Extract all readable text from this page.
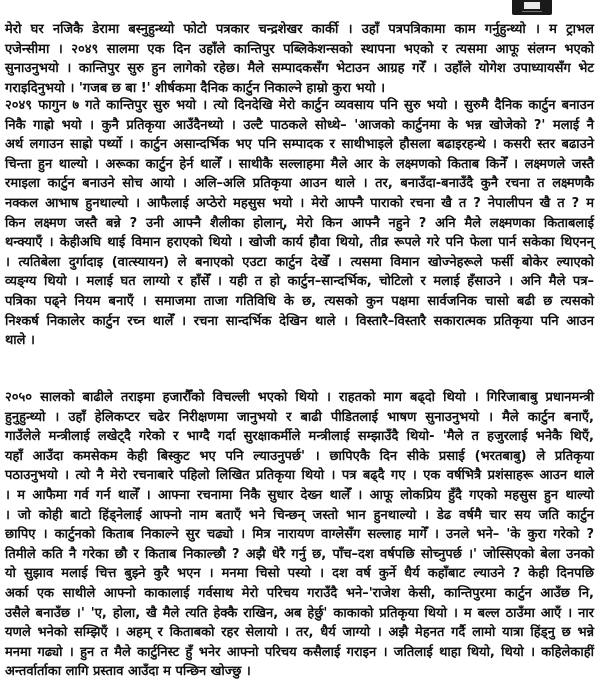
मेरो घर नजिकै डेरामा बस्नुहुन्थ्यो फोटो पत्रकार चन्द्रशेखर कार्की । उहाँ पत्रपत्रिकामा काम गर्नुहुन्थ्यो । म ट्राभल
एजेन्सीमा । २०४९ सालमा एक दिन उहाँले कान्तिपुर पब्लिकेशन्सको स्थापना भएको र त्यसमा आफू संलग्न भएको
सुनाउनुभयो । कान्तिपुर सुरु हुन लागेको रहेछ। मैले सम्पादकसँग भेटाउन आग्रह गरेँ । उहाँले योगेश उपाध्यायसँग भेट
गराइदिनुभयो । 'गजब छ बा !' शीर्षकमा दैनिक कार्टुन निकाल्ने हाम्रो कुरा भयो ।
२०४९ फागुन ७ गते कान्तिपुर सुरु भयो । त्यो दिनदेखि मेरो कार्टुन व्यवसाय पनि सुरु भयो । सुरुमै दैनिक कार्टुन बनाउन
निकै गाह्रो भयो । कुनै प्रतिकृया आउँदैनथ्यो । उल्टै पाठकले सोध्थे– 'आजको कार्टुनमा के भन्न खोजेको ?' मलाई नै
अर्थ लगाउन साह्रो पर्थ्यो । कार्टुन असान्दर्भिक भए पनि सम्पादक र साथीभाइले हौसला बढाइरहन्थे । कसरी स्तर बढाउने
चिन्ता हुन थाल्यो । अरूका कार्टुन हेर्न थालेँ । साथीकै सल्लाहमा मैले आर के लक्ष्मणको किताब किनेँ । लक्ष्मणले जस्तै
रमाइला कार्टुन बनाउने सोच आयो । अलि–अलि प्रतिकृया आउन थाले । तर, बनाउँदा-बनाउँदै कुनै रचना त लक्ष्मणकै
नक्कल आभाष हुनथाल्यो । आफैलाई अप्ठेरो महसुस भयो । मेरो आफ्नै पाराको रचना खै त ? नेपालीपन खै त ? म
किन लक्ष्मण जस्तै बन्ने ? उनी आफ्नै शैलीका होलान्, मेरो किन आफ्नै नहुने ? अनि मैले लक्ष्मणका किताबलाई
थन्क्याएँ । केहीअघि थाई विमान हराएको थियो । खोजी कार्य हौवा थियो, तीव्र रूपले गरे पनि फेला पार्न सकेका थिएनन्
। त्यतिबेला दुर्गादाइ (वात्स्यायन) ले बनाएको एउटा कार्टुन देखेँ । त्यसमा विमान खोज्नेहरूले फर्सी बोकेर ल्याएको
व्यङ्ग्य थियो । मलाई घत लाग्यो र हाँसेँ । यही त हो कार्टुन–सान्दर्भिक, चोटिलो र मलाई हँसाउने । अनि मैले पत्र–
पत्रिका पढ्ने नियम बनाएँ । समाजमा ताजा गतिविधि के छ, त्यसको कुन पक्षमा सार्वजनिक चासो बढी छ त्यसको
निश्कर्ष निकालेर कार्टुन रच्न थालेँ । रचना सान्दर्भिक देखिन थाले । विस्तारै–विस्तारै सकारात्मक प्रतिकृया पनि आउन
थाले ।
२०५० सालको बाढीले तराइमा हजारौँको विचल्ली भएको थियो । राहतको माग बढ्दो थियो । गिरिजाबाबु प्रधानमन्त्री
हुनुहुन्थ्यो । उहाँ हेलिकप्टर चढेर निरीक्षणमा जानुभयो र बाढी पीडितलाई भाषण सुनाउनुभयो । मैले कार्टुन बनाएँ,
गाउँलेले मन्त्रीलाई लखेट्दै गरेको र भाग्दै गर्दा सुरक्षाकर्मीले मन्त्रीलाई सम्झाउँदै थियो- 'मैले त हजुरलाई भनेकै थिएँ,
यहाँ आउँदा कमसेकम केही बिस्कुट भए पनि ल्याउनुपर्छ' । छापिएकै दिन सीके प्रसाई (भरतबाबु) ले प्रतिकृया
पठाउनुभयो । त्यो नै मेरो रचनाबारे पहिलो लिखित प्रतिकृया थियो । पत्र बढ्दै गए । एक वर्षभित्रै प्रशंसाहरू आउन थाले
। म आफैमा गर्व गर्न थालेँ । आफ्ना रचनामा निकै सुधार देख्न थालेँ । आफू लोकप्रिय हुँदै गएको महसुस हुन थाल्यो
। जो कोही बाटो हिंड्नेलाई आफ्नो नाम बताएँ भने चिन्छन् जस्तो भान हुनथाल्यो । डेढ वर्षमै चार सय जति कार्टुन
छापिए । कार्टुनको किताब निकाल्ने सुर चढ्यो । मित्र नारायण वाग्लेसँग सल्लाह मागेँ । उनले भने– 'के कुरा गरेको ?
तिमीले कति नै गरेका छौ र किताब निकाल्छौ ? अझै धेरै गर्नु छ, पाँच–दश वर्षपछि सोच्नुपर्छ ।' जोस्सिएको बेला उनको
यो सुझाव मलाई चित्त बुझ्ने कुरै भएन । मनमा चिसो पस्यो । दश वर्ष कुर्ने धैर्य कहाँबाट ल्याउने ? केही दिनपछि
अर्का एक साथीले आफ्नो काकालाई गर्वसाथ मेरो परिचय गराउँदै भने–'राजेश केसी, कान्तिपुरमा कार्टुन आउँछ नि,
उसैले बनाउँछ ।' 'ए, होला, खै मैले त्यति हेक्कै राखिन, अब हेर्छु' काकाको प्रतिकृया थियो । म बल्ल ठाउँमा आएँ । नार
यणले भनेको सम्झिएँ । अहम् र किताबको रहर सेलायो । तर, धैर्य जाग्यो । अझै मेहनत गर्दै लामो यात्रा हिंड्नु छ भन्ने
मनमा गढ्यो । हुन त मैले कार्टुनिस्ट हुँ भनेर आफ्नो परिचय कसैलाई गराइन । जतिलाई थाहा थियो, थियो । कहिलेकाहीं
अन्तर्वार्ताका लागि प्रस्ताव आउँदा म पन्छिन खोज्छु ।
